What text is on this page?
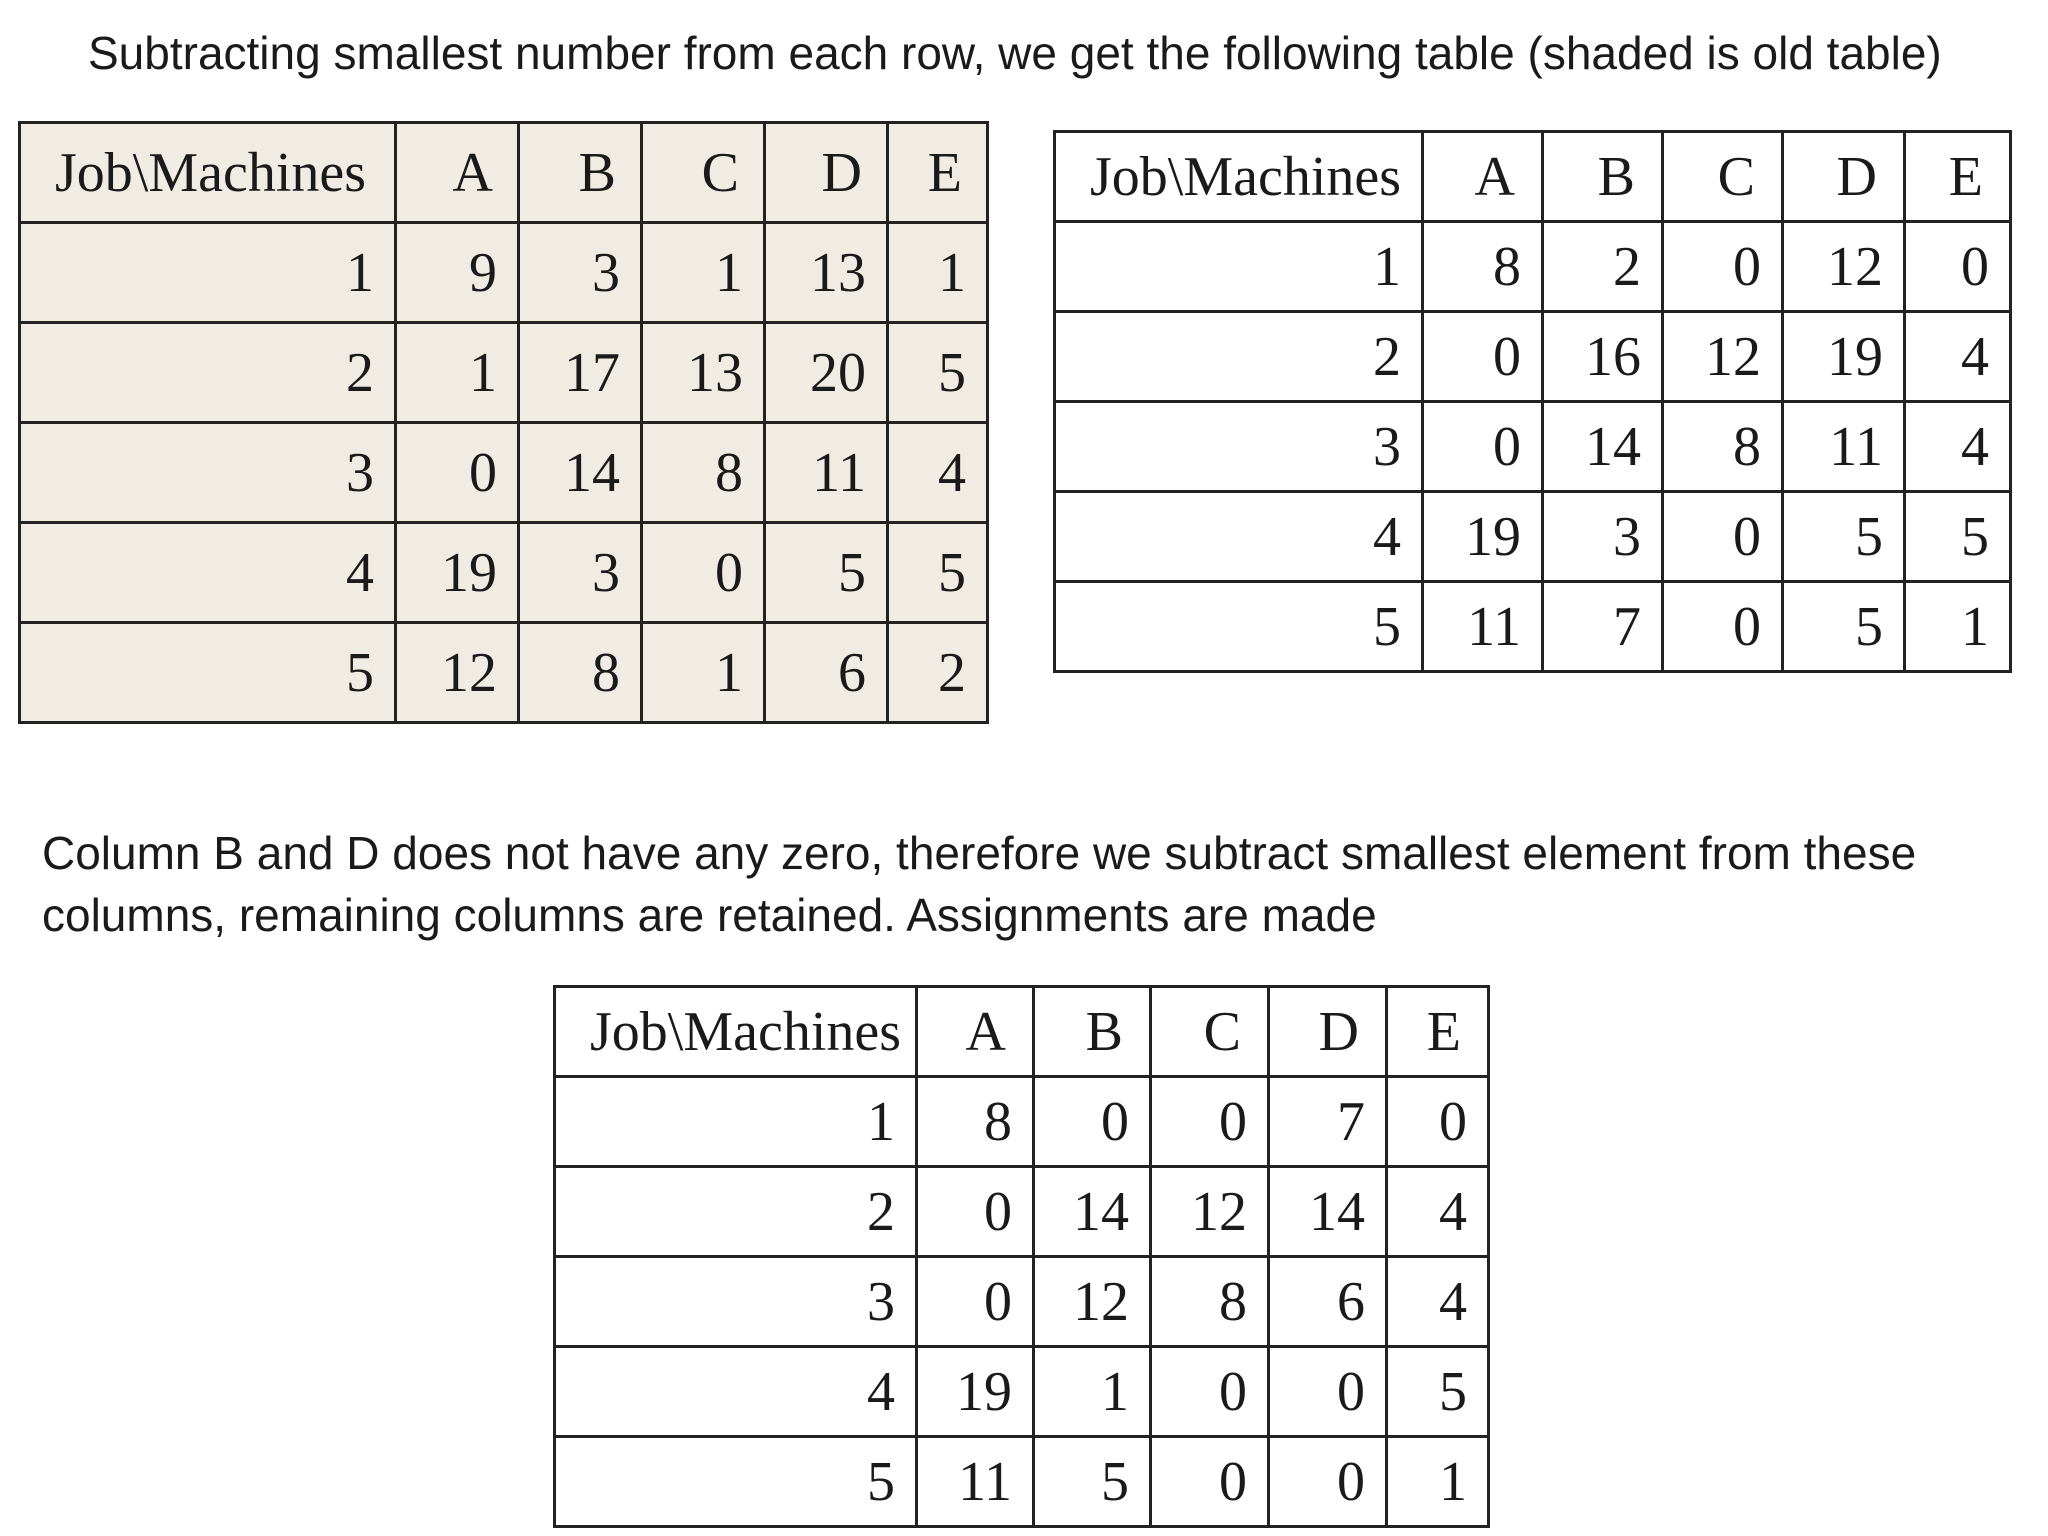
Subtracting smallest number from each row, we get the following table (shaded is old table)
Job\Machines	A	B	C	D	E
1	9	3	1	13	1
2	1	17	13	20	5
3	0	14	8	11	4
4	19	3	0	5	5
5	12	8	1	6	2
Job\Machines	A	B	C	D	E
1	8	2	0	12	0
2	0	16	12	19	4
3	0	14	8	11	4
4	19	3	0	5	5
5	11	7	0	5	1

Column B and D does not have any zero, therefore we subtract smallest element from these
columns, remaining columns are retained. Assignments are made

Job\Machines	A	B	C	D	E
1	8	0	0	7	0
2	0	14	12	14	4
3	0	12	8	6	4
4	19	1	0	0	5
5	11	5	0	0	1
